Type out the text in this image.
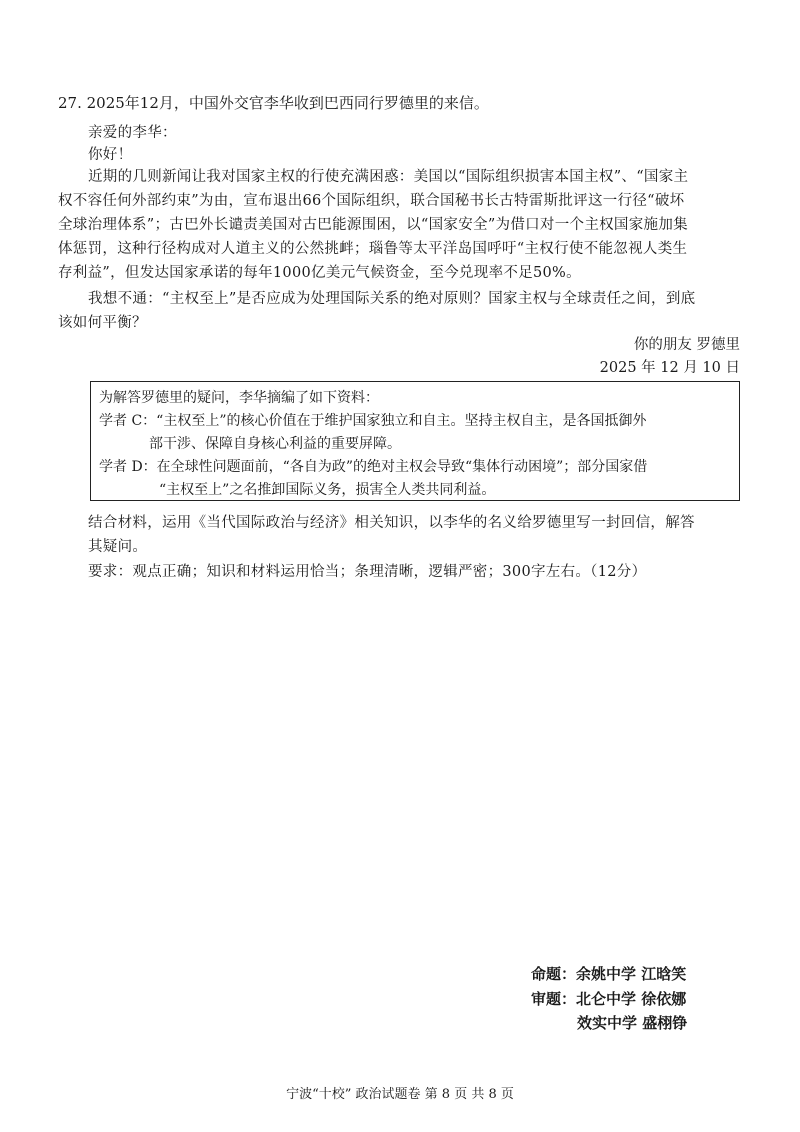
27. 2025年12月，中国外交官李华收到巴西同行罗德里的来信。
亲爱的李华：
你好！
近期的几则新闻让我对国家主权的行使充满困惑：美国以“国际组织损害本国主权”、“国家主
权不容任何外部约束”为由，宣布退出66个国际组织，联合国秘书长古特雷斯批评这一行径“破坏
全球治理体系”；古巴外长谴责美国对古巴能源围困，以“国家安全”为借口对一个主权国家施加集
体惩罚，这种行径构成对人道主义的公然挑衅；瑙鲁等太平洋岛国呼吁“主权行使不能忽视人类生
存利益”，但发达国家承诺的每年1000亿美元气候资金，至今兑现率不足50%。
我想不通：“主权至上”是否应成为处理国际关系的绝对原则？国家主权与全球责任之间，到底
该如何平衡？
你的朋友 罗德里
2025 年 12 月 10 日
为解答罗德里的疑问，李华摘编了如下资料：
学者 C：“主权至上”的核心价值在于维护国家独立和自主。坚持主权自主，是各国抵御外
部干涉、保障自身核心利益的重要屏障。
学者 D：在全球性问题面前，“各自为政”的绝对主权会导致“集体行动困境”；部分国家借
“主权至上”之名推卸国际义务，损害全人类共同利益。
结合材料，运用《当代国际政治与经济》相关知识，以李华的名义给罗德里写一封回信，解答
其疑问。
要求：观点正确；知识和材料运用恰当；条理清晰，逻辑严密；300字左右。（12分）
命题：余姚中学 江晗笑
审题：北仑中学 徐依娜
效实中学 盛栩铮
宁波“十校” 政治试题卷 第 8 页 共 8 页
